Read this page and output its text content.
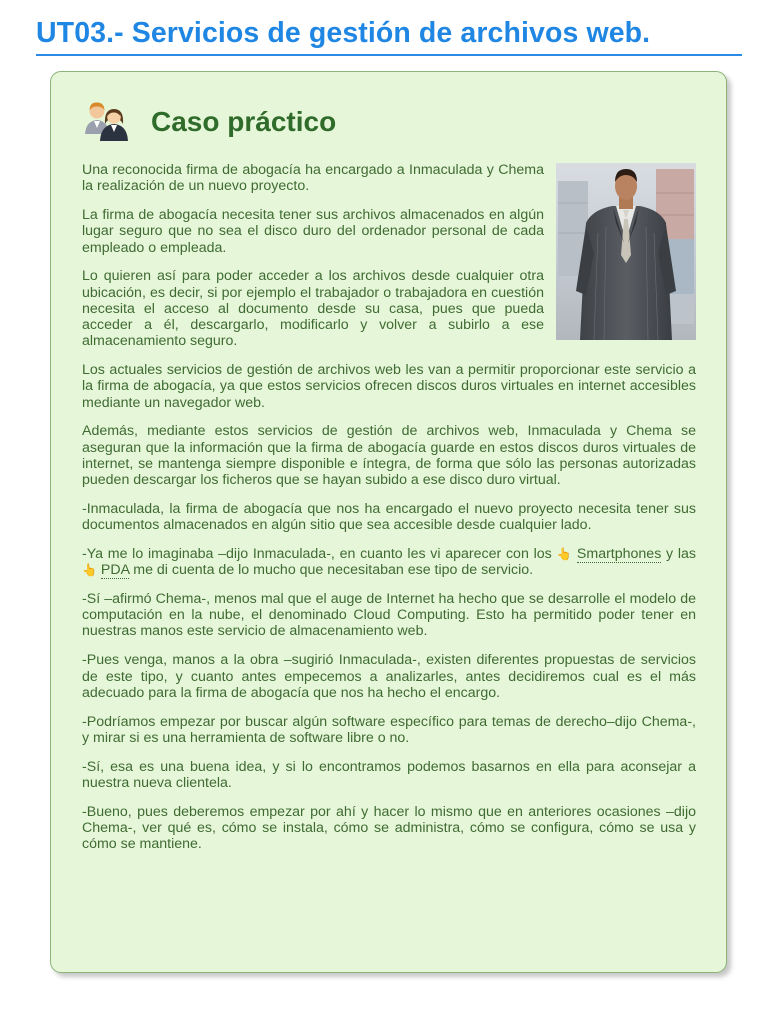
UT03.- Servicios de gestión de archivos web.
Caso práctico

Una reconocida firma de abogacía ha encargado a Inmaculada y Chema la realización de un nuevo proyecto.

La firma de abogacía necesita tener sus archivos almacenados en algún lugar seguro que no sea el disco duro del ordenador personal de cada empleado o empleada.

Lo quieren así para poder acceder a los archivos desde cualquier otra ubicación, es decir, si por ejemplo el trabajador o trabajadora en cuestión necesita el acceso al documento desde su casa, pues que pueda acceder a él, descargarlo, modificarlo y volver a subirlo a ese almacenamiento seguro.

Los actuales servicios de gestión de archivos web les van a permitir proporcionar este servicio a la firma de abogacía, ya que estos servicios ofrecen discos duros virtuales en internet accesibles mediante un navegador web.

Además, mediante estos servicios de gestión de archivos web, Inmaculada y Chema se aseguran que la información que la firma de abogacía guarde en estos discos duros virtuales de internet, se mantenga siempre disponible e íntegra, de forma que sólo las personas autorizadas pueden descargar los ficheros que se hayan subido a ese disco duro virtual.

-Inmaculada, la firma de abogacía que nos ha encargado el nuevo proyecto necesita tener sus documentos almacenados en algún sitio que sea accesible desde cualquier lado.

-Ya me lo imaginaba –dijo Inmaculada-, en cuanto les vi aparecer con los 👆 Smartphones y las 👆 PDA me di cuenta de lo mucho que necesitaban ese tipo de servicio.

-Sí –afirmó Chema-, menos mal que el auge de Internet ha hecho que se desarrolle el modelo de computación en la nube, el denominado Cloud Computing. Esto ha permitido poder tener en nuestras manos este servicio de almacenamiento web.

-Pues venga, manos a la obra –sugirió Inmaculada-, existen diferentes propuestas de servicios de este tipo, y cuanto antes empecemos a analizarles, antes decidiremos cual es el más adecuado para la firma de abogacía que nos ha hecho el encargo.

-Podríamos empezar por buscar algún software específico para temas de derecho–dijo Chema-, y mirar si es una herramienta de software libre o no.

-Sí, esa es una buena idea, y si lo encontramos podemos basarnos en ella para aconsejar a nuestra nueva clientela.

-Bueno, pues deberemos empezar por ahí y hacer lo mismo que en anteriores ocasiones –dijo Chema-, ver qué es, cómo se instala, cómo se administra, cómo se configura, cómo se usa y cómo se mantiene.
